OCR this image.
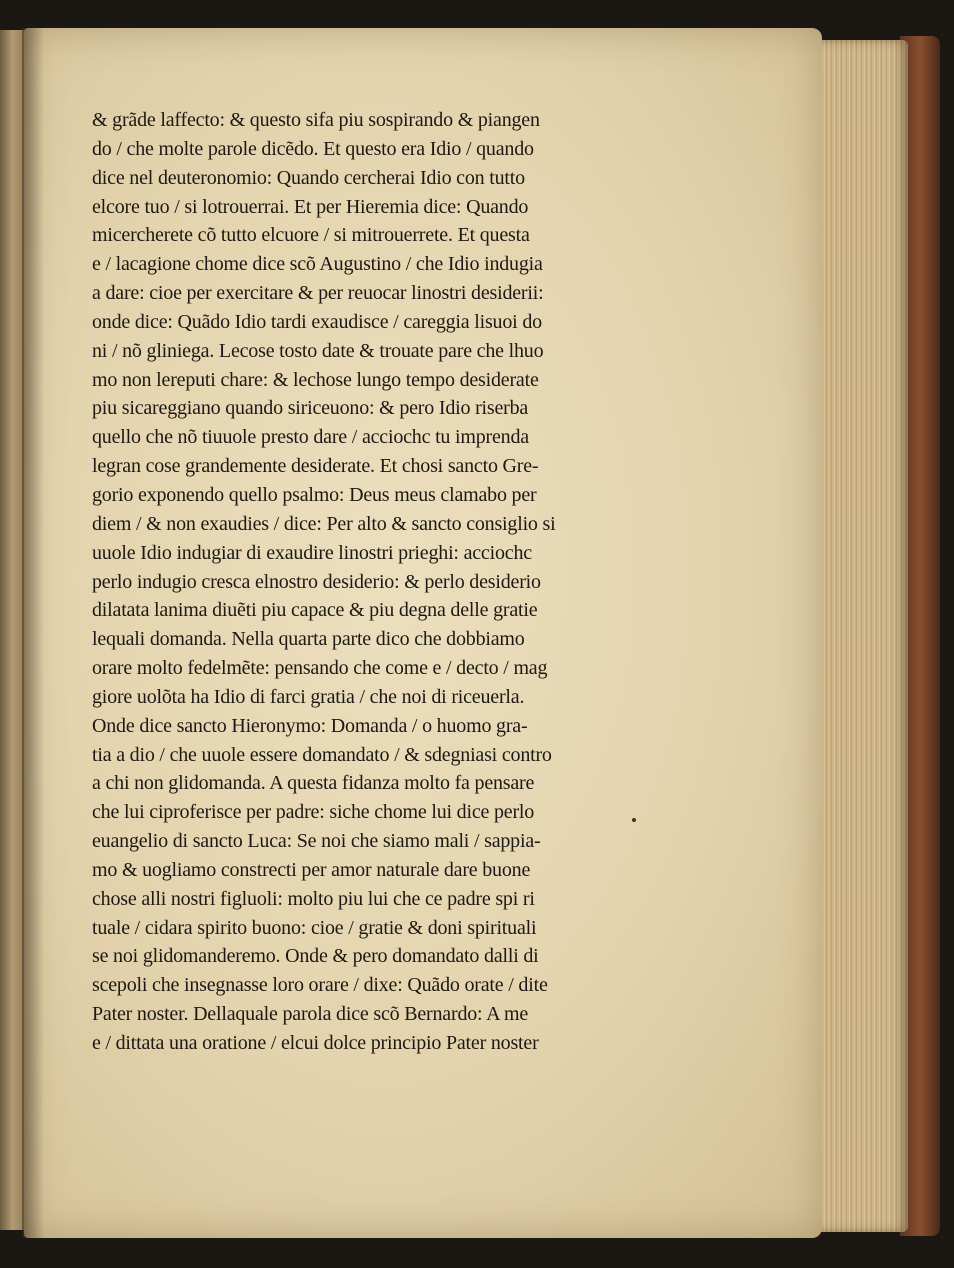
& grãde laffecto: & questo sifa piu sospirando & piangen
do / che molte parole dicẽdo. Et questo era Idio / quando
dice nel deuteronomio: Quando cercherai Idio con tutto
elcore tuo / si lotrouerrai. Et per Hieremia dice: Quando
micercherete cõ tutto elcuore / si mitrouerrete. Et questa
e / lacagione chome dice scõ Augustino / che Idio indugia
a dare: cioe per exercitare & per reuocar linostri desiderii:
onde dice: Quãdo Idio tardi exaudisce / careggia lisuoi do
ni / nõ gliniega. Lecose tosto date & trouate pare che lhuo
mo non lereputi chare: & lechose lungo tempo desiderate
piu sicareggiano quando siriceuono: & pero Idio riserba
quello che nõ tiuuole presto dare / acciochc tu imprenda
legran cose grandemente desiderate. Et chosi sancto Gre-
gorio exponendo quello psalmo: Deus meus clamabo per
diem / & non exaudies / dice: Per alto & sancto consiglio si
uuole Idio indugiar di exaudire linostri prieghi: acciochc
perlo indugio cresca elnostro desiderio: & perlo desiderio
dilatata lanima diuẽti piu capace & piu degna delle gratie
lequali domanda. Nella quarta parte dico che dobbiamo
orare molto fedelmẽte: pensando che come e / decto / mag
giore uolõta ha Idio di farci gratia / che noi di riceuerla.
Onde dice sancto Hieronymo: Domanda / o huomo gra-
tia a dio / che uuole essere domandato / & sdegniasi contro
a chi non glidomanda. A questa fidanza molto fa pensare
che lui ciproferisce per padre: siche chome lui dice perlo
euangelio di sancto Luca: Se noi che siamo mali / sappia-
mo & uogliamo constrecti per amor naturale dare buone
chose alli nostri figluoli: molto piu lui che ce padre spi ri
tuale / cidara spirito buono: cioe / gratie & doni spirituali
se noi glidomanderemo. Onde & pero domandato dalli di
scepoli che insegnasse loro orare / dixe: Quãdo orate / dite
Pater noster. Dellaquale parola dice scõ Bernardo: A me
e / dittata una oratione / elcui dolce principio Pater noster
